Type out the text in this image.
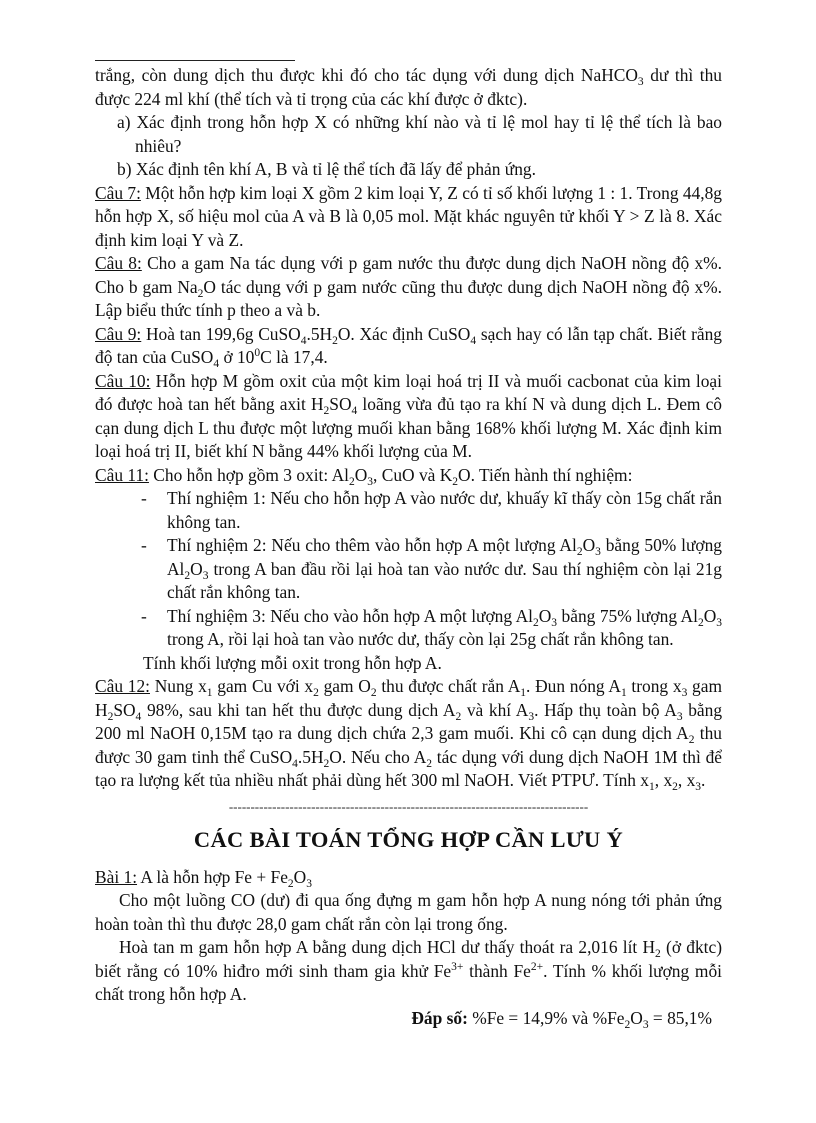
trắng, còn dung dịch thu được khi đó cho tác dụng với dung dịch NaHCO$_3$ dư thì thu được 224 ml khí (thể tích và tỉ trọng của các khí được ở đktc).

a) Xác định trong hỗn hợp X có những khí nào và tỉ lệ mol hay tỉ lệ thể tích là bao nhiêu?

b) Xác định tên khí A, B và tỉ lệ thể tích đã lấy để phản ứng.

Câu 7: Một hỗn hợp kim loại X gồm 2 kim loại Y, Z có tỉ số khối lượng 1 : 1. Trong 44,8g hỗn hợp X, số hiệu mol của A và B là 0,05 mol. Mặt khác nguyên tử khối Y > Z là 8. Xác định kim loại Y và Z.

Câu 8: Cho a gam Na tác dụng với p gam nước thu được dung dịch NaOH nồng độ x%. Cho b gam $Na_2O$ tác dụng với p gam nước cũng thu được dung dịch NaOH nồng độ x%. Lập biểu thức tính p theo a và b.

Câu 9: Hoà tan 199,6g $CuSO_4.5H_2O$. Xác định CuSO$_4$ sạch hay có lẫn tạp chất. Biết rằng độ tan của CuSO$_4$ ở $10^0C$ là 17,4.

Câu 10: Hỗn hợp M gồm oxit của một kim loại hoá trị II và muối cacbonat của kim loại đó được hoà tan hết bằng axit $H_2SO_4$ loãng vừa đủ tạo ra khí N và dung dịch L. Đem cô cạn dung dịch L thu được một lượng muối khan bằng 168% khối lượng M. Xác định kim loại hoá trị II, biết khí N bằng 44% khối lượng của M.

Câu 11: Cho hỗn hợp gồm 3 oxit: $Al_2O_3$, CuO và $K_2O$. Tiến hành thí nghiệm:

-	Thí nghiệm 1: Nếu cho hỗn hợp A vào nước dư, khuấy kĩ thấy còn 15g chất rắn không tan.
-	Thí nghiệm 2: Nếu cho thêm vào hỗn hợp A một lượng $Al_2O_3$ bằng 50% lượng $Al_2O_3$ trong A ban đầu rồi lại hoà tan vào nước dư. Sau thí nghiệm còn lại 21g chất rắn không tan.
-	Thí nghiệm 3: Nếu cho vào hỗn hợp A một lượng $Al_2O_3$ bằng 75% lượng $Al_2O_3$ trong A, rồi lại hoà tan vào nước dư, thấy còn lại 25g chất rắn không tan.

Tính khối lượng mỗi oxit trong hỗn hợp A.

Câu 12: Nung $x_1$ gam Cu với $x_2$ gam $O_2$ thu được chất rắn $A_1$. Đun nóng $A_1$ trong $x_3$ gam $H_2SO_4$ 98%, sau khi tan hết thu được dung dịch $A_2$ và khí $A_3$. Hấp thụ toàn bộ $A_3$ bằng 200 ml NaOH 0,15M tạo ra dung dịch chứa 2,3 gam muối. Khi cô cạn dung dịch $A_2$ thu được 30 gam tinh thể $CuSO_4.5H_2O$. Nếu cho $A_2$ tác dụng với dung dịch NaOH 1M thì để tạo ra lượng kết tủa nhiều nhất phải dùng hết 300 ml NaOH. Viết PTPƯ. Tính $x_1$, $x_2$, $x_3$.

-----------------------------------------------------------------------------------
CÁC BÀI TOÁN TỔNG HỢP CẦN LƯU Ý

Bài 1: A là hỗn hợp $Fe + Fe_2O_3$

Cho một luồng CO (dư) đi qua ống đựng m gam hỗn hợp A nung nóng tới phản ứng hoàn toàn thì thu được 28,0 gam chất rắn còn lại trong ống.

Hoà tan m gam hỗn hợp A bằng dung dịch HCl dư thấy thoát ra 2,016 lít $H_2$ (ở đktc) biết rằng có 10% hiđro mới sinh tham gia khử $Fe^{3+}$ thành $Fe^{2+}$. Tính % khối lượng mỗi chất trong hỗn hợp A.

Đáp số: %Fe = 14,9% và $\%Fe_2O_3 = 85,1\%$
